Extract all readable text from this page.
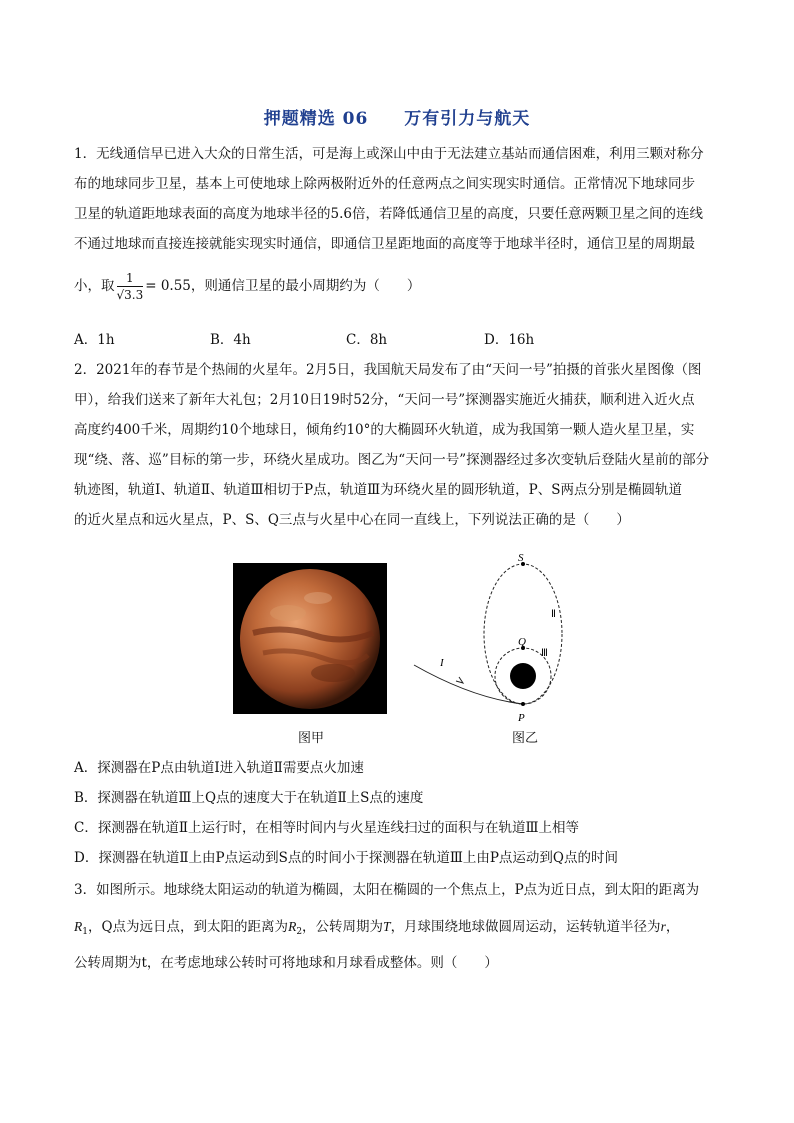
押题精选 06 万有引力与航天
1．无线通信早已进入大众的日常生活，可是海上或深山中由于无法建立基站而通信困难，利用三颗对称分
布的地球同步卫星，基本上可使地球上除两极附近外的任意两点之间实现实时通信。正常情况下地球同步
卫星的轨道距地球表面的高度为地球半径的5.6倍，若降低通信卫星的高度，只要任意两颗卫星之间的连线
不通过地球而直接连接就能实现实时通信，即通信卫星距地面的高度等于地球半径时，通信卫星的周期最
小，取 $\frac{1}{√3.3} = 0.55$，则通信卫星的最小周期约为（　　）
A．1h	B．4h	C．8h	D．16h
2．2021年的春节是个热闹的火星年。2月5日，我国航天局发布了由“天问一号”拍摄的首张火星图像（图
甲），给我们送来了新年大礼包；2月10日19时52分，“天问一号”探测器实施近火捕获，顺利进入近火点
高度约400千米，周期约10个地球日，倾角约10°的大椭圆环火轨道，成为我国第一颗人造火星卫星，实
现“绕、落、巡”目标的第一步，环绕火星成功。图乙为“天问一号”探测器经过多次变轨后登陆火星前的部分
轨迹图，轨道Ⅰ、轨道Ⅱ、轨道Ⅲ相切于P点，轨道Ⅲ为环绕火星的圆形轨道，P、S两点分别是椭圆轨道
的近火星点和远火星点，P、S、Q三点与火星中心在同一直线上，下列说法正确的是（　　）
图甲
S
Q
P
I
Ⅱ
Ⅲ
图乙
A．探测器在P点由轨道Ⅰ进入轨道Ⅱ需要点火加速
B．探测器在轨道Ⅲ上Q点的速度大于在轨道Ⅱ上S点的速度
C．探测器在轨道Ⅱ上运行时，在相等时间内与火星连线扫过的面积与在轨道Ⅲ上相等
D．探测器在轨道Ⅱ上由P点运动到S点的时间小于探测器在轨道Ⅲ上由P点运动到Q点的时间
3．如图所示。地球绕太阳运动的轨道为椭圆，太阳在椭圆的一个焦点上，P点为近日点，到太阳的距离为
$R_1$，Q点为远日点，到太阳的距离为$R_2$，公转周期为T，月球围绕地球做圆周运动，运转轨道半径为r，
公转周期为t，在考虑地球公转时可将地球和月球看成整体。则（　　）
